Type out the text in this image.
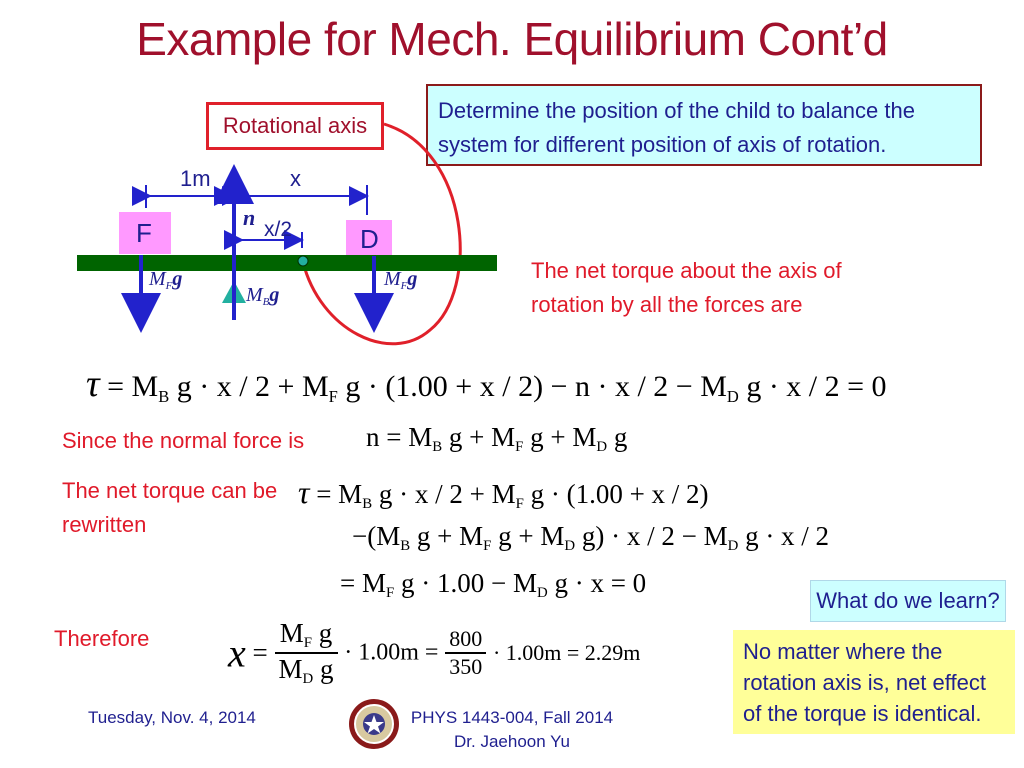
Example for Mech. Equilibrium Cont’d
Determine the position of the child to balance the system for different position of axis of rotation.
Rotational axis
1m	x
n x/2
F	D
$M_Fg$
$M_Bg$
$M_Fg$	The net torque about the axis of rotation by all the forces are
$\tau = M_B$ $g \cdot x / 2 + M_F$ $g \cdot (1.00 + x / 2) - n \cdot x / 2 - M_D$ g · x / 2 = 0
Since the normal force is $n = M_B$ $g + M_F$ $g + M_D$ g
The net torque can be rewritten
$\tau = M_B$ $g \cdot x / 2 + M_F$ g · (1.00 + x / 2)
$-(M_B$ $g + M_F$ $g + M_D$ $g) \cdot x / 2 - M_D$ g · x / 2
= $M_F$ $g \cdot 1.00 - M_D$ g · x = 0
Therefore $x = \frac{M_F g}{M_D g} \cdot 1.00m = \frac{800}{350} \cdot 1.00m = 2.29m$
What do we learn?
No matter where the rotation axis is, net effect of the torque is identical.
Tuesday, Nov. 4, 2014	PHYS 1443-004, Fall 2014
Dr. Jaehoon Yu
